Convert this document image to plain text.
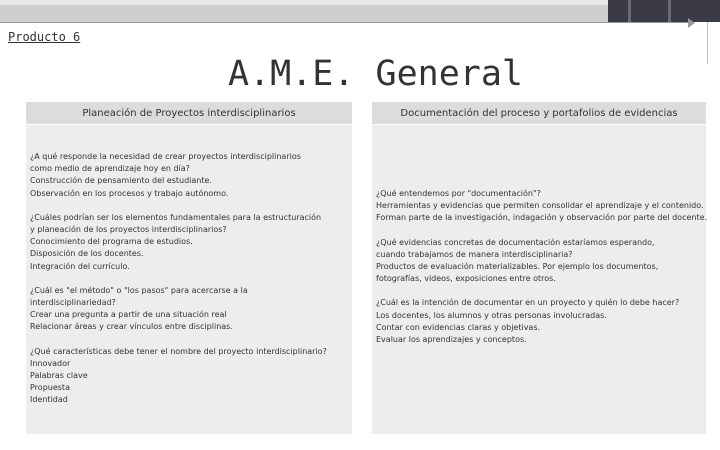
Producto 6
A.M.E. General
Planeación de Proyectos interdisciplinarios

¿A qué responde la necesidad de crear proyectos interdisciplinarios

como medio de aprendizaje hoy en día?

Construcción de pensamiento del estudiante.

Observación en los procesos y trabajo autónomo.

¿Cuáles podrían ser los elementos fundamentales para la estructuración

y planeación de los proyectos interdisciplinarios?

Conocimiento del programa de estudios.

Disposición de los docentes.

Integración del currículo.

¿Cuál es "el método" o "los pasos" para acercarse a la

interdisciplinariedad?

Crear una pregunta a partir de una situación real

Relacionar áreas y crear vínculos entre disciplinas.

¿Qué características debe tener el nombre del proyecto interdisciplinario?

Innovador

Palabras clave

Propuesta

Identidad

Documentación del proceso y portafolios de evidencias

¿Qué entendemos por "documentación"?

Herramientas y evidencias que permiten consolidar el aprendizaje y el contenido.

Forman parte de la investigación, indagación y observación por parte del docente.

¿Qué evidencias concretas de documentación estaríamos esperando,

cuando trabajamos de manera interdisciplinaria?

Productos de evaluación materializables. Por ejemplo los documentos,

fotografías, videos, exposiciones entre otros.

¿Cuál es la intención de documentar en un proyecto y quién lo debe hacer?

Los docentes, los alumnos y otras personas involucradas.

Contar con evidencias claras y objetivas.

Evaluar los aprendizajes y conceptos.
